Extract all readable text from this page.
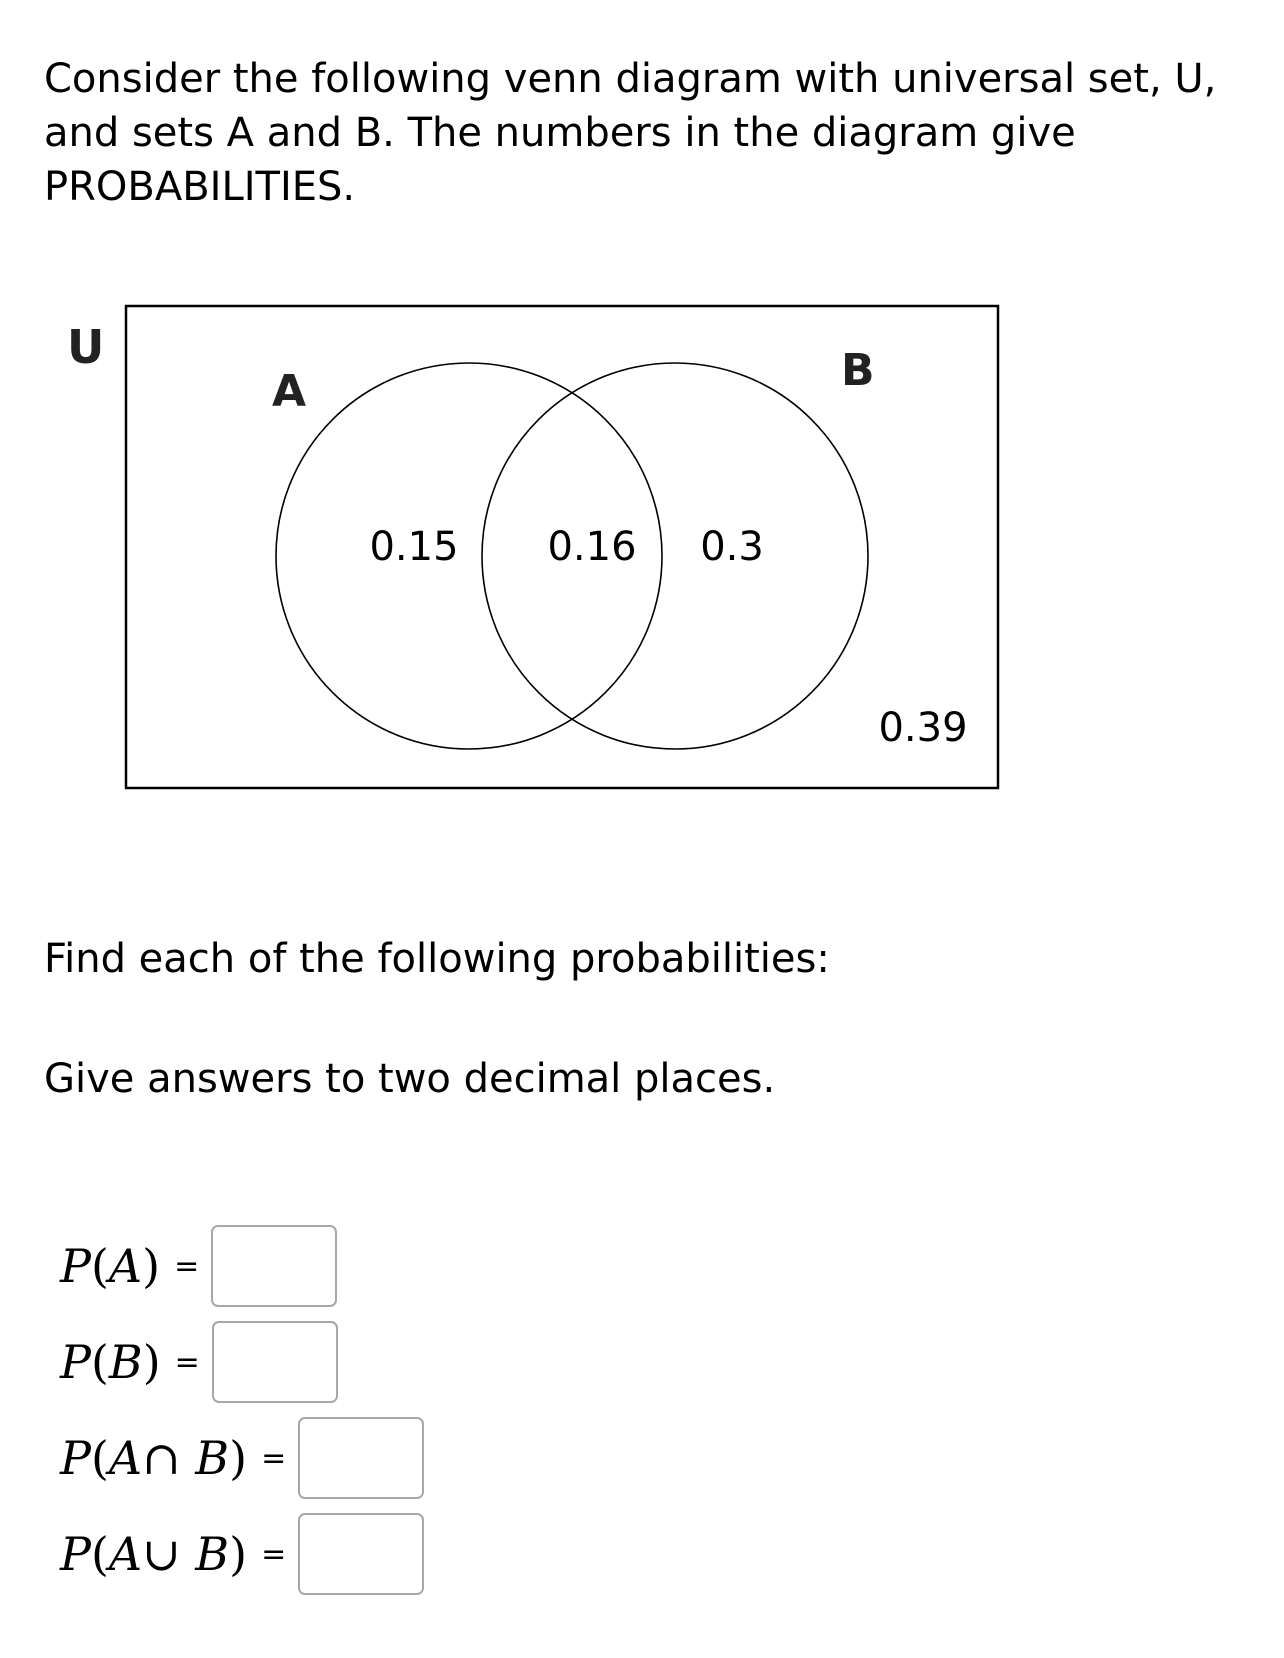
Consider the following venn diagram with universal set, U,
and sets A and B. The numbers in the diagram give
PROBABILITIES.
U
A	B
0.15 0.16 0.3
0.39

Find each of the following probabilities:

Give answers to two decimal places.

P(A) =
P(B) =
P(A∩ B) =
P(A∪ B) =
